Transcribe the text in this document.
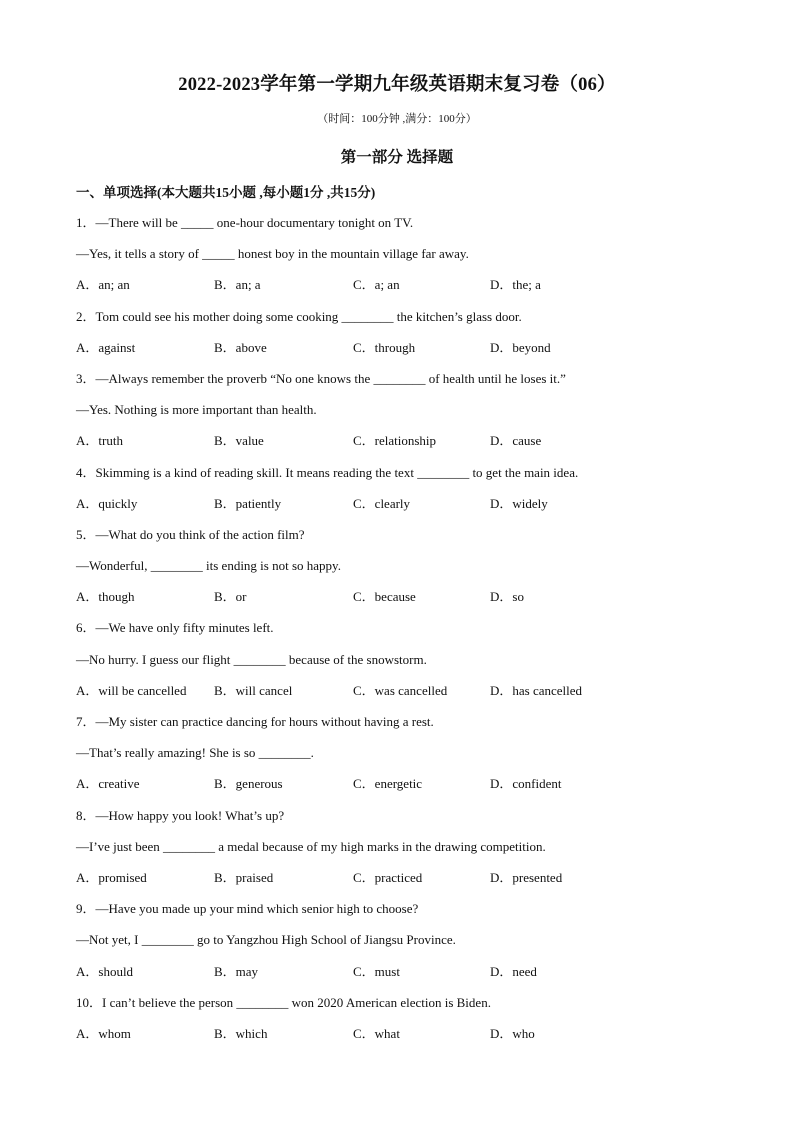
2022-2023学年第一学期九年级英语期末复习卷（06）
（时间：100分钟 ,满分：100分）
第一部分 选择题
一、单项选择(本大题共15小题 ,每小题1分 ,共15分)
1．—There will be _____ one-hour documentary tonight on TV.
—Yes, it tells a story of _____ honest boy in the mountain village far away.
A．an; an	B．an; a	C．a; an	D．the; a
2．Tom could see his mother doing some cooking ________ the kitchen’s glass door.
A．against	B．above	C．through	D．beyond
3．—Always remember the proverb “No one knows the ________ of health until he loses it.”
—Yes. Nothing is more important than health.
A．truth	B．value	C．relationship	D．cause
4．Skimming is a kind of reading skill. It means reading the text ________ to get the main idea.
A．quickly	B．patiently	C．clearly	D．widely
5．—What do you think of the action film?
—Wonderful, ________ its ending is not so happy.
A．though	B．or	C．because	D．so
6．—We have only fifty minutes left.
—No hurry. I guess our flight ________ because of the snowstorm.
A．will be cancelled B．will cancel	C．was cancelled	D．has cancelled
7．—My sister can practice dancing for hours without having a rest.
—That’s really amazing! She is so ________.
A．creative	B．generous	C．energetic	D．confident
8．—How happy you look! What’s up?
—I’ve just been ________ a medal because of my high marks in the drawing competition.
A．promised	B．praised	C．practiced	D．presented
9．—Have you made up your mind which senior high to choose?
—Not yet, I ________ go to Yangzhou High School of Jiangsu Province.
A．should	B．may	C．must	D．need
10．I can’t believe the person ________ won 2020 American election is Biden.
A．whom	B．which	C．what	D．who
